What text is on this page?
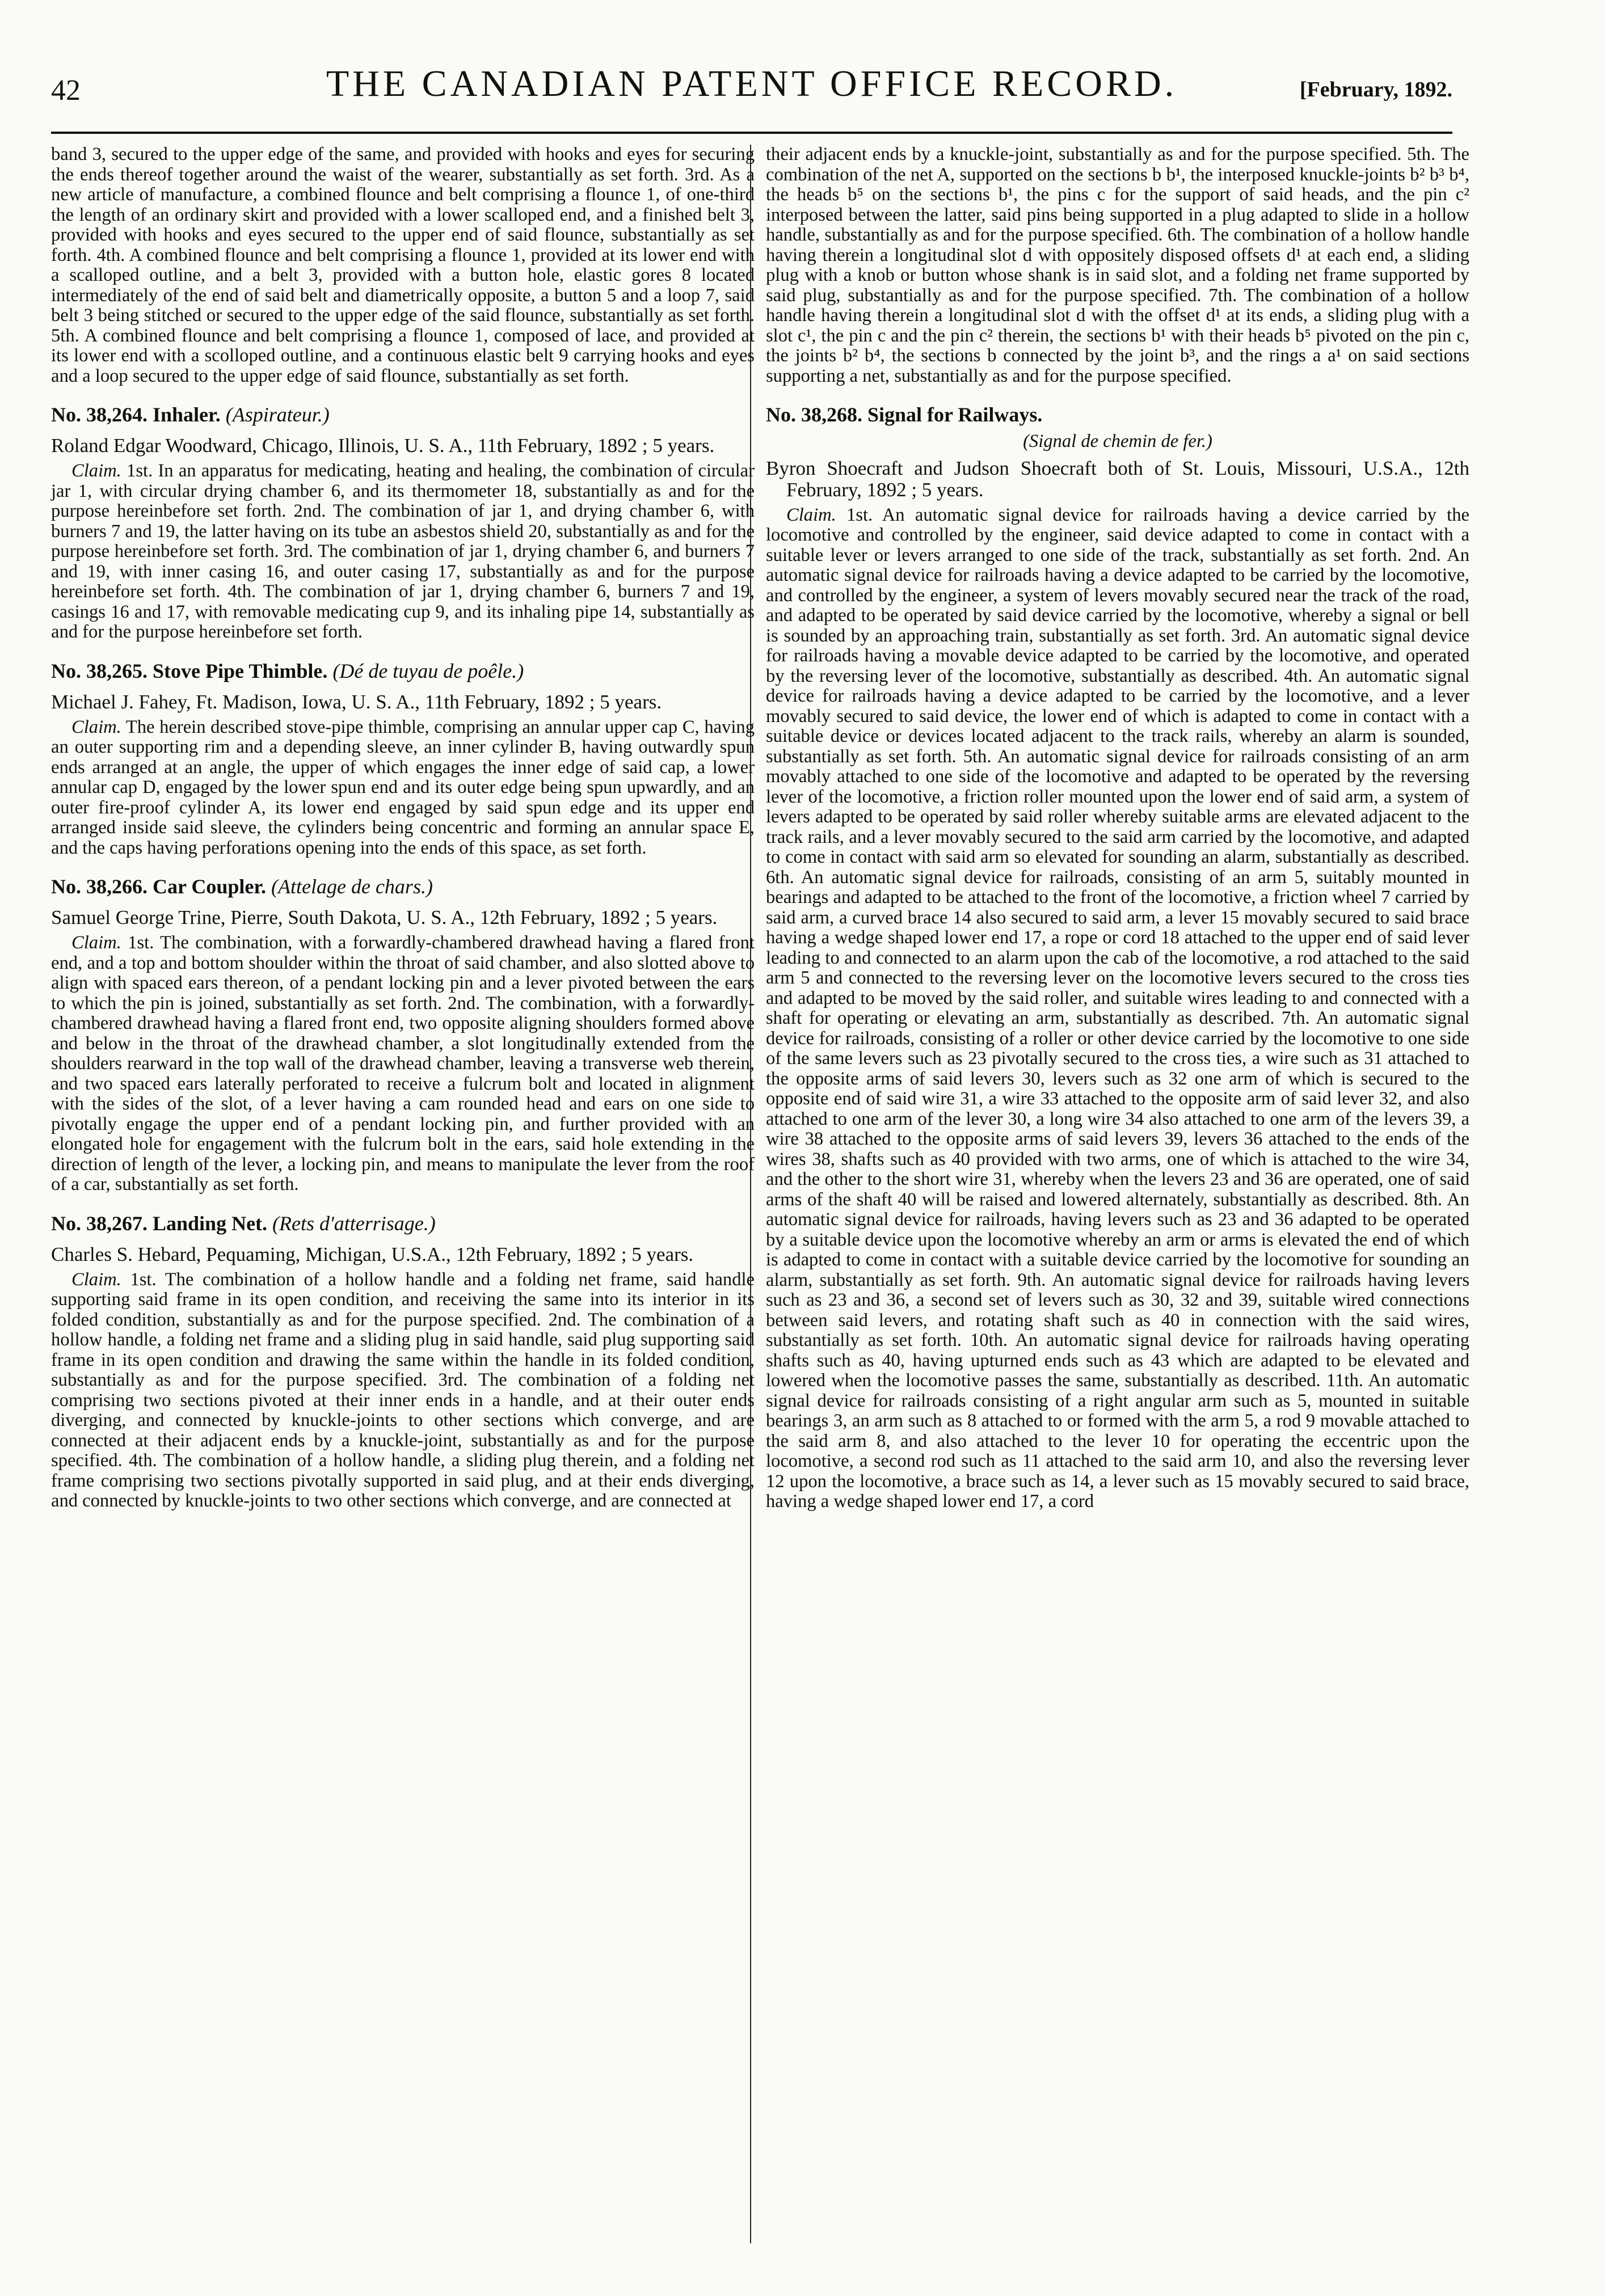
42	THE CANADIAN PATENT OFFICE RECORD.	[February, 1892.

band 3, secured to the upper edge of the same, and provided with hooks and eyes for securing the ends thereof together around the waist of the wearer, substantially as set forth. 3rd. As a new article of manufacture, a combined flounce and belt comprising a flounce 1, of one-third the length of an ordinary skirt and provided with a lower scalloped end, and a finished belt 3, provided with hooks and eyes secured to the upper end of said flounce, substantially as set forth. 4th. A combined flounce and belt comprising a flounce 1, provided at its lower end with a scalloped outline, and a belt 3, provided with a button hole, elastic gores 8 located intermediately of the end of said belt and diametrically opposite, a button 5 and a loop 7, said belt 3 being stitched or secured to the upper edge of the said flounce, substantially as set forth. 5th. A combined flounce and belt comprising a flounce 1, composed of lace, and provided at its lower end with a scolloped outline, and a continuous elastic belt 9 carrying hooks and eyes and a loop secured to the upper edge of said flounce, substantially as set forth.

No. 38,264. Inhaler. (Aspirateur.)

Roland Edgar Woodward, Chicago, Illinois, U. S. A., 11th February, 1892 ; 5 years.

Claim. 1st. In an apparatus for medicating, heating and healing, the combination of circular jar 1, with circular drying chamber 6, and its thermometer 18, substantially as and for the purpose hereinbefore set forth. 2nd. The combination of jar 1, and drying chamber 6, with burners 7 and 19, the latter having on its tube an asbestos shield 20, substantially as and for the purpose hereinbefore set forth. 3rd. The combination of jar 1, drying chamber 6, and burners 7 and 19, with inner casing 16, and outer casing 17, substantially as and for the purpose hereinbefore set forth. 4th. The combination of jar 1, drying chamber 6, burners 7 and 19, casings 16 and 17, with removable medicating cup 9, and its inhaling pipe 14, substantially as and for the purpose hereinbefore set forth.

No. 38,265. Stove Pipe Thimble. (Dé de tuyau de poêle.)

Michael J. Fahey, Ft. Madison, Iowa, U. S. A., 11th February, 1892 ; 5 years.

Claim. The herein described stove-pipe thimble, comprising an annular upper cap C, having an outer supporting rim and a depending sleeve, an inner cylinder B, having outwardly spun ends arranged at an angle, the upper of which engages the inner edge of said cap, a lower annular cap D, engaged by the lower spun end and its outer edge being spun upwardly, and an outer fire-proof cylinder A, its lower end engaged by said spun edge and its upper end arranged inside said sleeve, the cylinders being concentric and forming an annular space E, and the caps having perforations opening into the ends of this space, as set forth.

No. 38,266. Car Coupler. (Attelage de chars.)

Samuel George Trine, Pierre, South Dakota, U. S. A., 12th February, 1892 ; 5 years.

Claim. 1st. The combination, with a forwardly-chambered drawhead having a flared front end, and a top and bottom shoulder within the throat of said chamber, and also slotted above to align with spaced ears thereon, of a pendant locking pin and a lever pivoted between the ears to which the pin is joined, substantially as set forth. 2nd. The combination, with a forwardly-chambered drawhead having a flared front end, two opposite aligning shoulders formed above and below in the throat of the drawhead chamber, a slot longitudinally extended from the shoulders rearward in the top wall of the drawhead chamber, leaving a transverse web therein, and two spaced ears laterally perforated to receive a fulcrum bolt and located in alignment with the sides of the slot, of a lever having a cam rounded head and ears on one side to pivotally engage the upper end of a pendant locking pin, and further provided with an elongated hole for engagement with the fulcrum bolt in the ears, said hole extending in the direction of length of the lever, a locking pin, and means to manipulate the lever from the roof of a car, substantially as set forth.

No. 38,267. Landing Net. (Rets d'atterrisage.)

Charles S. Hebard, Pequaming, Michigan, U.S.A., 12th February, 1892 ; 5 years.

Claim. 1st. The combination of a hollow handle and a folding net frame, said handle supporting said frame in its open condition, and receiving the same into its interior in its folded condition, substantially as and for the purpose specified. 2nd. The combination of a hollow handle, a folding net frame and a sliding plug in said handle, said plug supporting said frame in its open condition and drawing the same within the handle in its folded condition, substantially as and for the purpose specified. 3rd. The combination of a folding net comprising two sections pivoted at their inner ends in a handle, and at their outer ends diverging, and connected by knuckle-joints to other sections which converge, and are connected at their adjacent ends by a knuckle-joint, substantially as and for the purpose specified. 4th. The combination of a hollow handle, a sliding plug therein, and a folding net frame comprising two sections pivotally supported in said plug, and at their ends diverging, and connected by knuckle-joints to two other sections which converge, and are connected at

their adjacent ends by a knuckle-joint, substantially as and for the purpose specified. 5th. The combination of the net A, supported on the sections b b¹, the interposed knuckle-joints b² b³ b⁴, the heads b⁵ on the sections b¹, the pins c for the support of said heads, and the pin c² interposed between the latter, said pins being supported in a plug adapted to slide in a hollow handle, substantially as and for the purpose specified. 6th. The combination of a hollow handle having therein a longitudinal slot d with oppositely disposed offsets d¹ at each end, a sliding plug with a knob or button whose shank is in said slot, and a folding net frame supported by said plug, substantially as and for the purpose specified. 7th. The combination of a hollow handle having therein a longitudinal slot d with the offset d¹ at its ends, a sliding plug with a slot c¹, the pin c and the pin c² therein, the sections b¹ with their heads b⁵ pivoted on the pin c, the joints b² b⁴, the sections b connected by the joint b³, and the rings a a¹ on said sections supporting a net, substantially as and for the purpose specified.

No. 38,268. Signal for Railways.

(Signal de chemin de fer.)

Byron Shoecraft and Judson Shoecraft both of St. Louis, Missouri, U.S.A., 12th February, 1892 ; 5 years.

Claim. 1st. An automatic signal device for railroads having a device carried by the locomotive and controlled by the engineer, said device adapted to come in contact with a suitable lever or levers arranged to one side of the track, substantially as set forth. 2nd. An automatic signal device for railroads having a device adapted to be carried by the locomotive, and controlled by the engineer, a system of levers movably secured near the track of the road, and adapted to be operated by said device carried by the locomotive, whereby a signal or bell is sounded by an approaching train, substantially as set forth. 3rd. An automatic signal device for railroads having a movable device adapted to be carried by the locomotive, and operated by the reversing lever of the locomotive, substantially as described. 4th. An automatic signal device for railroads having a device adapted to be carried by the locomotive, and a lever movably secured to said device, the lower end of which is adapted to come in contact with a suitable device or devices located adjacent to the track rails, whereby an alarm is sounded, substantially as set forth. 5th. An automatic signal device for railroads consisting of an arm movably attached to one side of the locomotive and adapted to be operated by the reversing lever of the locomotive, a friction roller mounted upon the lower end of said arm, a system of levers adapted to be operated by said roller whereby suitable arms are elevated adjacent to the track rails, and a lever movably secured to the said arm carried by the locomotive, and adapted to come in contact with said arm so elevated for sounding an alarm, substantially as described. 6th. An automatic signal device for railroads, consisting of an arm 5, suitably mounted in bearings and adapted to be attached to the front of the locomotive, a friction wheel 7 carried by said arm, a curved brace 14 also secured to said arm, a lever 15 movably secured to said brace having a wedge shaped lower end 17, a rope or cord 18 attached to the upper end of said lever leading to and connected to an alarm upon the cab of the locomotive, a rod attached to the said arm 5 and connected to the reversing lever on the locomotive levers secured to the cross ties and adapted to be moved by the said roller, and suitable wires leading to and connected with a shaft for operating or elevating an arm, substantially as described. 7th. An automatic signal device for railroads, consisting of a roller or other device carried by the locomotive to one side of the same levers such as 23 pivotally secured to the cross ties, a wire such as 31 attached to the opposite arms of said levers 30, levers such as 32 one arm of which is secured to the opposite end of said wire 31, a wire 33 attached to the opposite arm of said lever 32, and also attached to one arm of the lever 30, a long wire 34 also attached to one arm of the levers 39, a wire 38 attached to the opposite arms of said levers 39, levers 36 attached to the ends of the wires 38, shafts such as 40 provided with two arms, one of which is attached to the wire 34, and the other to the short wire 31, whereby when the levers 23 and 36 are operated, one of said arms of the shaft 40 will be raised and lowered alternately, substantially as described. 8th. An automatic signal device for railroads, having levers such as 23 and 36 adapted to be operated by a suitable device upon the locomotive whereby an arm or arms is elevated the end of which is adapted to come in contact with a suitable device carried by the locomotive for sounding an alarm, substantially as set forth. 9th. An automatic signal device for railroads having levers such as 23 and 36, a second set of levers such as 30, 32 and 39, suitable wired connections between said levers, and rotating shaft such as 40 in connection with the said wires, substantially as set forth. 10th. An automatic signal device for railroads having operating shafts such as 40, having upturned ends such as 43 which are adapted to be elevated and lowered when the locomotive passes the same, substantially as described. 11th. An automatic signal device for railroads consisting of a right angular arm such as 5, mounted in suitable bearings 3, an arm such as 8 attached to or formed with the arm 5, a rod 9 movable attached to the said arm 8, and also attached to the lever 10 for operating the eccentric upon the locomotive, a second rod such as 11 attached to the said arm 10, and also the reversing lever 12 upon the locomotive, a brace such as 14, a lever such as 15 movably secured to said brace, having a wedge shaped lower end 17, a cord
